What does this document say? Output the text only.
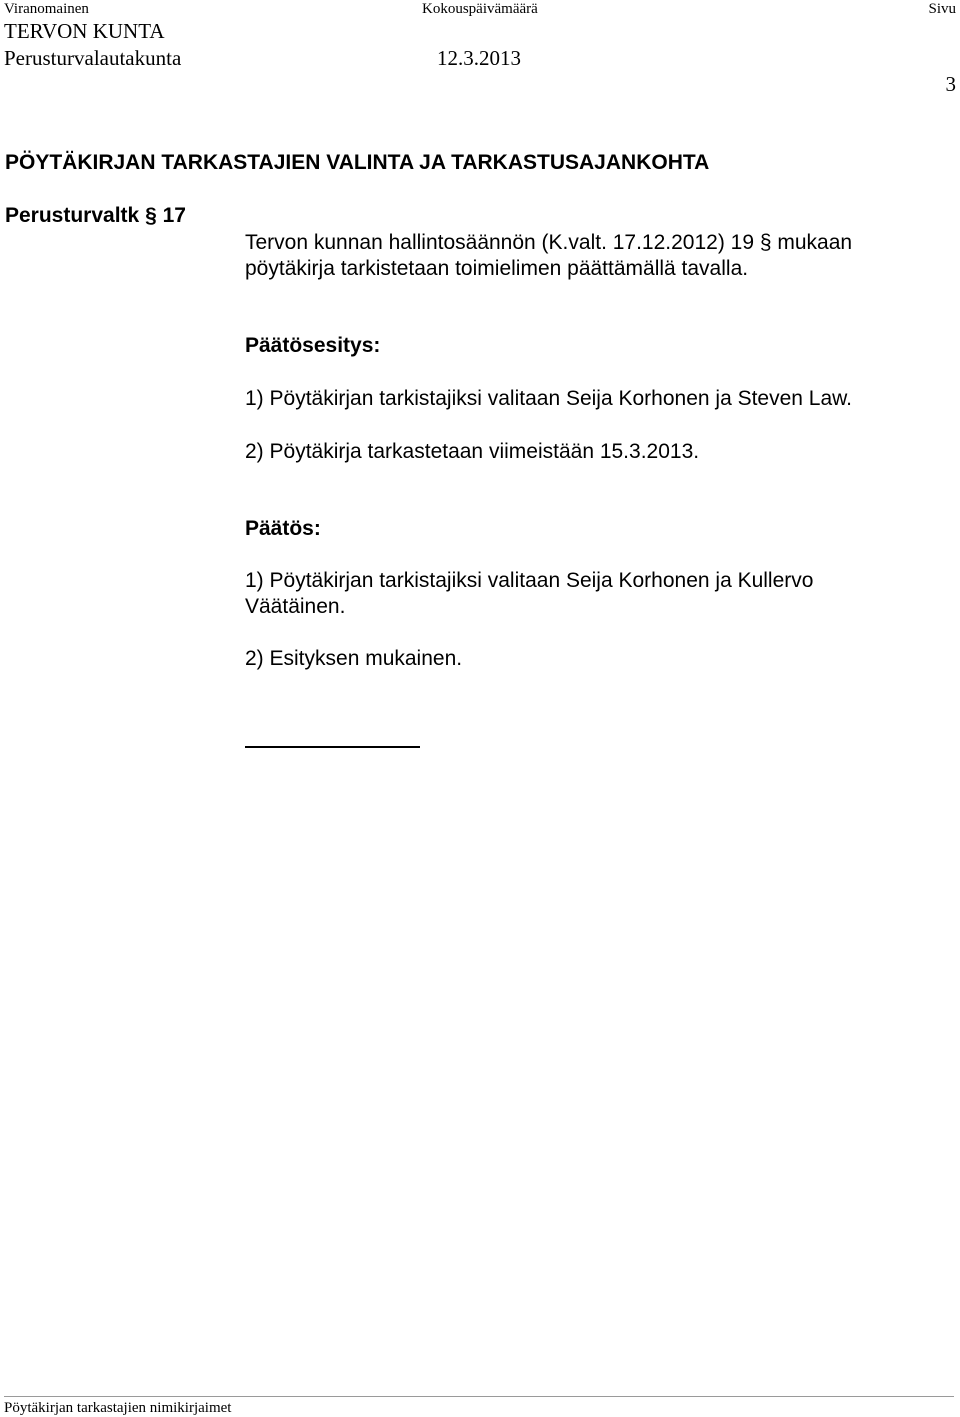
Viranomainen	Kokouspäivämäärä	Sivu
TERVON KUNTA
Perusturvalautakunta	12.3.2013
3
PÖYTÄKIRJAN TARKASTAJIEN VALINTA JA TARKASTUSAJANKOHTA
Perusturvaltk § 17
Tervon kunnan hallintosäännön (K.valt. 17.12.2012) 19 § mukaan
pöytäkirja tarkistetaan toimielimen päättämällä tavalla.
Päätösesitys:
1) Pöytäkirjan tarkistajiksi valitaan Seija Korhonen ja Steven Law.
2) Pöytäkirja tarkastetaan viimeistään 15.3.2013.
Päätös:
1) Pöytäkirjan tarkistajiksi valitaan Seija Korhonen ja Kullervo
Väätäinen.
2) Esityksen mukainen.
Pöytäkirjan tarkastajien nimikirjaimet
